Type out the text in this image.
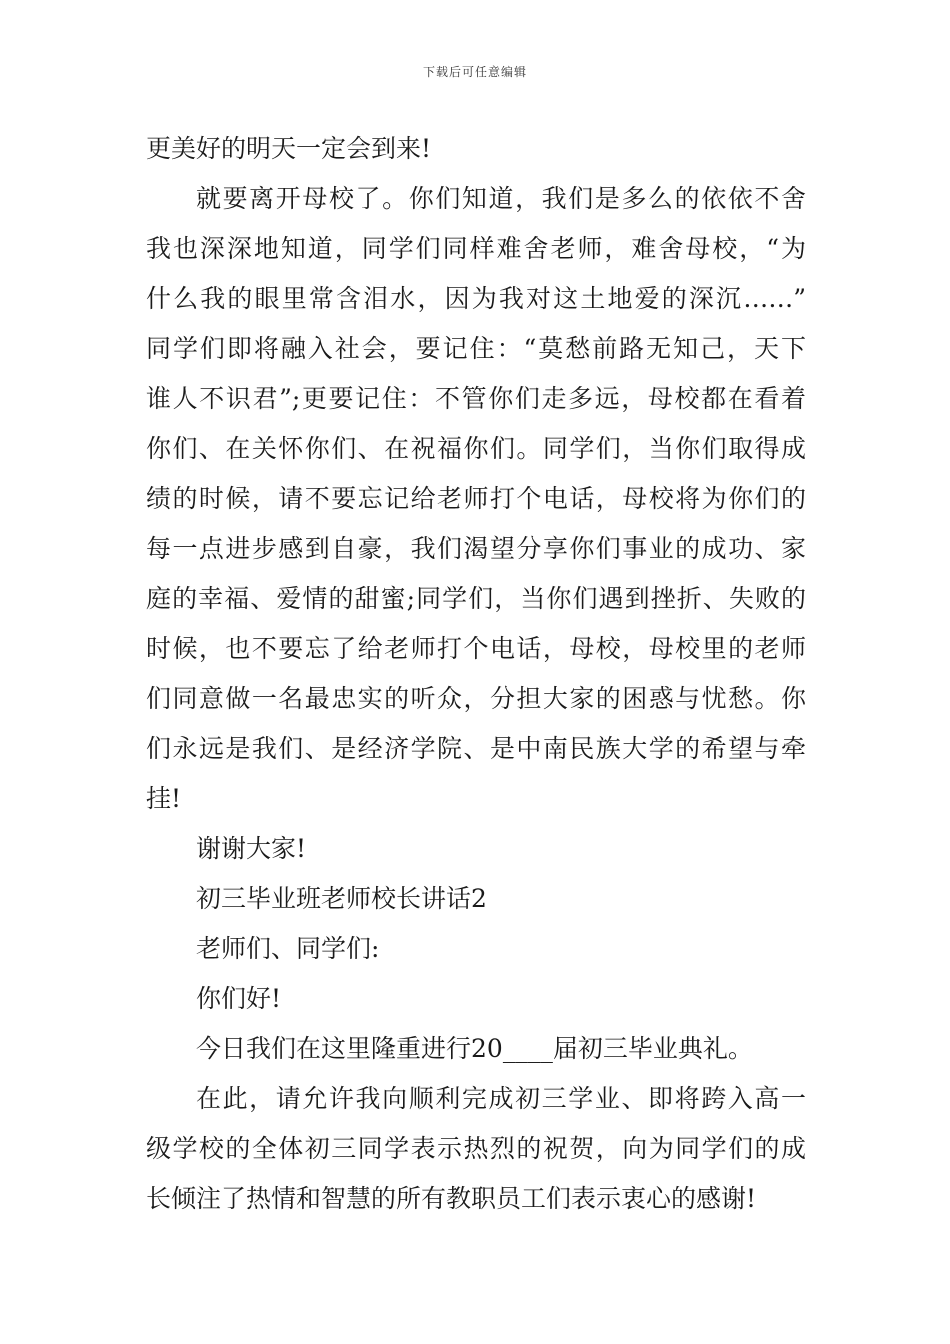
下载后可任意编辑
更美好的明天一定会到来!
就要离开母校了。你们知道，我们是多么的依依不舍
我也深深地知道，同学们同样难舍老师，难舍母校，“为
什么我的眼里常含泪水，因为我对这土地爱的深沉……”
同学们即将融入社会，要记住：“莫愁前路无知己，天下
谁人不识君”;更要记住：不管你们走多远，母校都在看着
你们、在关怀你们、在祝福你们。同学们，当你们取得成
绩的时候，请不要忘记给老师打个电话，母校将为你们的
每一点进步感到自豪，我们渴望分享你们事业的成功、家
庭的幸福、爱情的甜蜜;同学们，当你们遇到挫折、失败的
时候，也不要忘了给老师打个电话，母校，母校里的老师
们同意做一名最忠实的听众，分担大家的困惑与忧愁。你
们永远是我们、是经济学院、是中南民族大学的希望与牵
挂!
谢谢大家!
初三毕业班老师校长讲话2
老师们、同学们:
你们好!
今日我们在这里隆重进行20____届初三毕业典礼。
在此，请允许我向顺利完成初三学业、即将跨入高一
级学校的全体初三同学表示热烈的祝贺，向为同学们的成
长倾注了热情和智慧的所有教职员工们表示衷心的感谢!
